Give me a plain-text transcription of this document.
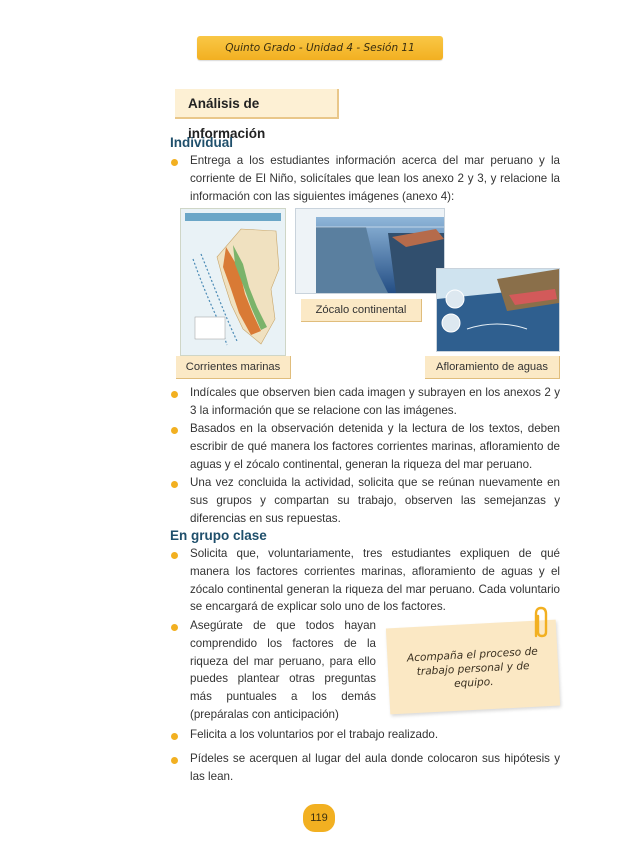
Quinto Grado - Unidad 4 - Sesión 11
Análisis de información
Individual
Entrega a los estudiantes información acerca del mar peruano y la corriente de El Niño, solicítales que lean los anexo 2 y 3, y relacione la información con las siguientes imágenes (anexo 4):
Zócalo continental
Corrientes marinas	Afloramiento de aguas
Indícales que observen bien cada imagen y subrayen en los anexos 2 y 3 la información que se relacione con las imágenes.
Basados en la observación detenida y la lectura de los textos, deben escribir de qué manera los factores corrientes marinas, afloramiento de aguas y el zócalo continental, generan la riqueza del mar peruano.
Una vez concluida la actividad, solicita que se reúnan nuevamente en sus grupos y compartan su trabajo, observen las semejanzas y diferencias en sus repuestas.
En grupo clase
Solicita que, voluntariamente, tres estudiantes expliquen de qué manera los factores corrientes marinas, afloramiento de aguas y el zócalo continental generan la riqueza del mar peruano. Cada voluntario se encargará de explicar solo uno de los factores.
Asegúrate de que todos hayan comprendido los factores de la riqueza del mar peruano, para ello puedes plantear otras preguntas más puntuales a los demás (prepáralas con anticipación)
Acompaña el proceso de trabajo personal y de equipo.
Felicita a los voluntarios por el trabajo realizado.
Pídeles se acerquen al lugar del aula donde colocaron sus hipótesis y las lean.
119
